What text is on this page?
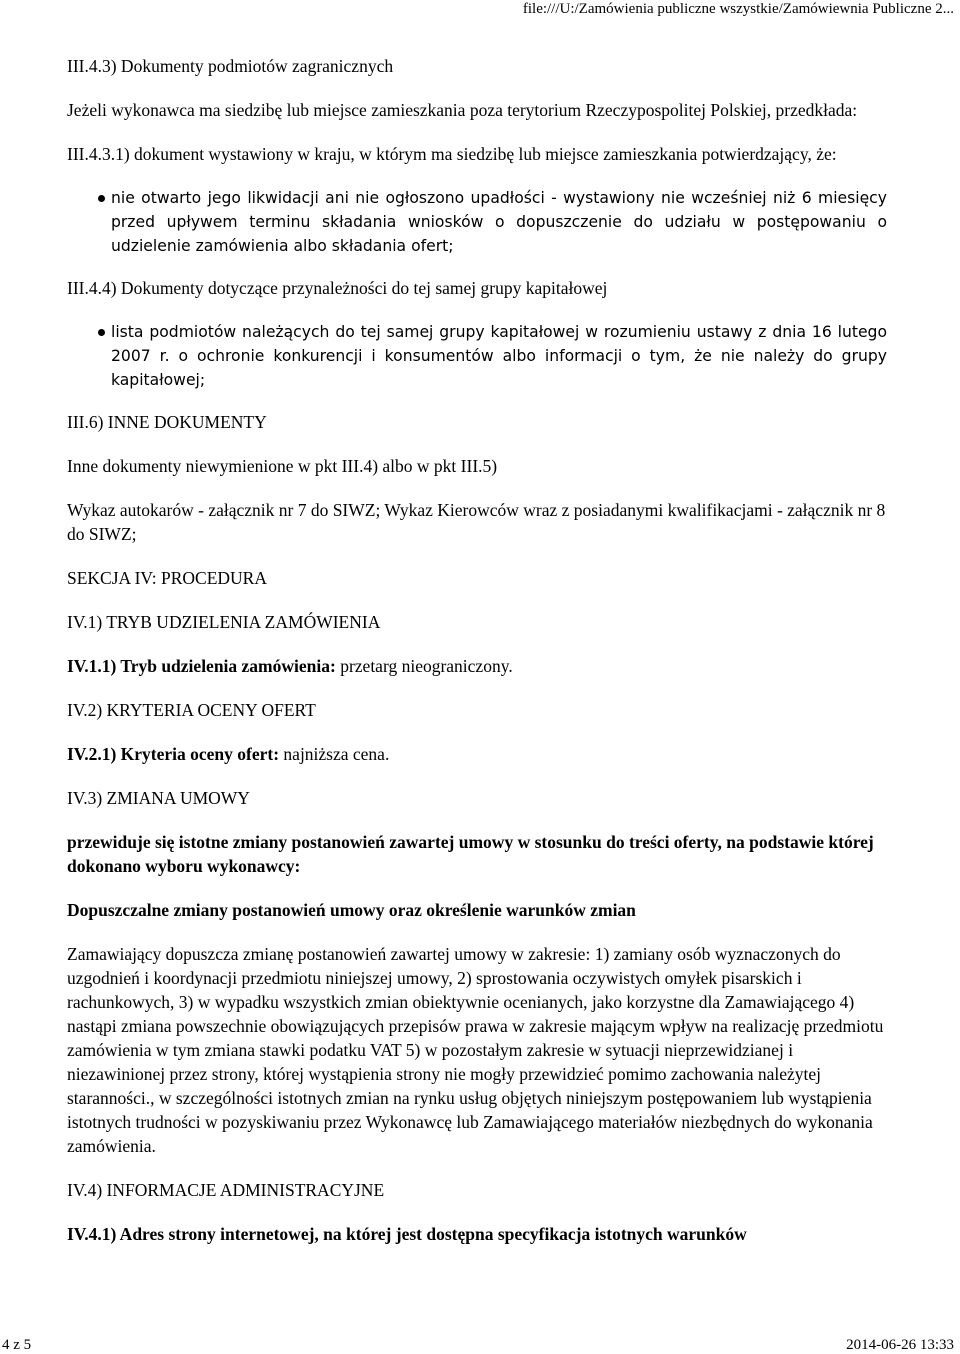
file:///U:/Zamówienia publiczne wszystkie/Zamówiewnia Publiczne 2...

III.4.3) Dokumenty podmiotów zagranicznych

Jeżeli wykonawca ma siedzibę lub miejsce zamieszkania poza terytorium Rzeczypospolitej Polskiej, przedkłada:

III.4.3.1) dokument wystawiony w kraju, w którym ma siedzibę lub miejsce zamieszkania potwierdzający, że:

nie otwarto jego likwidacji ani nie ogłoszono upadłości - wystawiony nie wcześniej niż 6 miesięcy przed upływem terminu składania wniosków o dopuszczenie do udziału w postępowaniu o udzielenie zamówienia albo składania ofert;

III.4.4) Dokumenty dotyczące przynależności do tej samej grupy kapitałowej

lista podmiotów należących do tej samej grupy kapitałowej w rozumieniu ustawy z dnia 16 lutego 2007 r. o ochronie konkurencji i konsumentów albo informacji o tym, że nie należy do grupy kapitałowej;

III.6) INNE DOKUMENTY

Inne dokumenty niewymienione w pkt III.4) albo w pkt III.5)

Wykaz autokarów - załącznik nr 7 do SIWZ; Wykaz Kierowców wraz z posiadanymi kwalifikacjami - załącznik nr 8 do SIWZ;

SEKCJA IV: PROCEDURA

IV.1) TRYB UDZIELENIA ZAMÓWIENIA

IV.1.1) Tryb udzielenia zamówienia: przetarg nieograniczony.

IV.2) KRYTERIA OCENY OFERT

IV.2.1) Kryteria oceny ofert: najniższa cena.

IV.3) ZMIANA UMOWY

przewiduje się istotne zmiany postanowień zawartej umowy w stosunku do treści oferty, na podstawie której dokonano wyboru wykonawcy:

Dopuszczalne zmiany postanowień umowy oraz określenie warunków zmian

Zamawiający dopuszcza zmianę postanowień zawartej umowy w zakresie: 1) zamiany osób wyznaczonych do uzgodnień i koordynacji przedmiotu niniejszej umowy, 2) sprostowania oczywistych omyłek pisarskich i rachunkowych, 3) w wypadku wszystkich zmian obiektywnie ocenianych, jako korzystne dla Zamawiającego 4) nastąpi zmiana powszechnie obowiązujących przepisów prawa w zakresie mającym wpływ na realizację przedmiotu zamówienia w tym zmiana stawki podatku VAT 5) w pozostałym zakresie w sytuacji nieprzewidzianej i niezawinionej przez strony, której wystąpienia strony nie mogły przewidzieć pomimo zachowania należytej staranności., w szczególności istotnych zmian na rynku usług objętych niniejszym postępowaniem lub wystąpienia istotnych trudności w pozyskiwaniu przez Wykonawcę lub Zamawiającego materiałów niezbędnych do wykonania zamówienia.

IV.4) INFORMACJE ADMINISTRACYJNE

IV.4.1) Adres strony internetowej, na której jest dostępna specyfikacja istotnych warunków

4 z 5	2014-06-26 13:33
